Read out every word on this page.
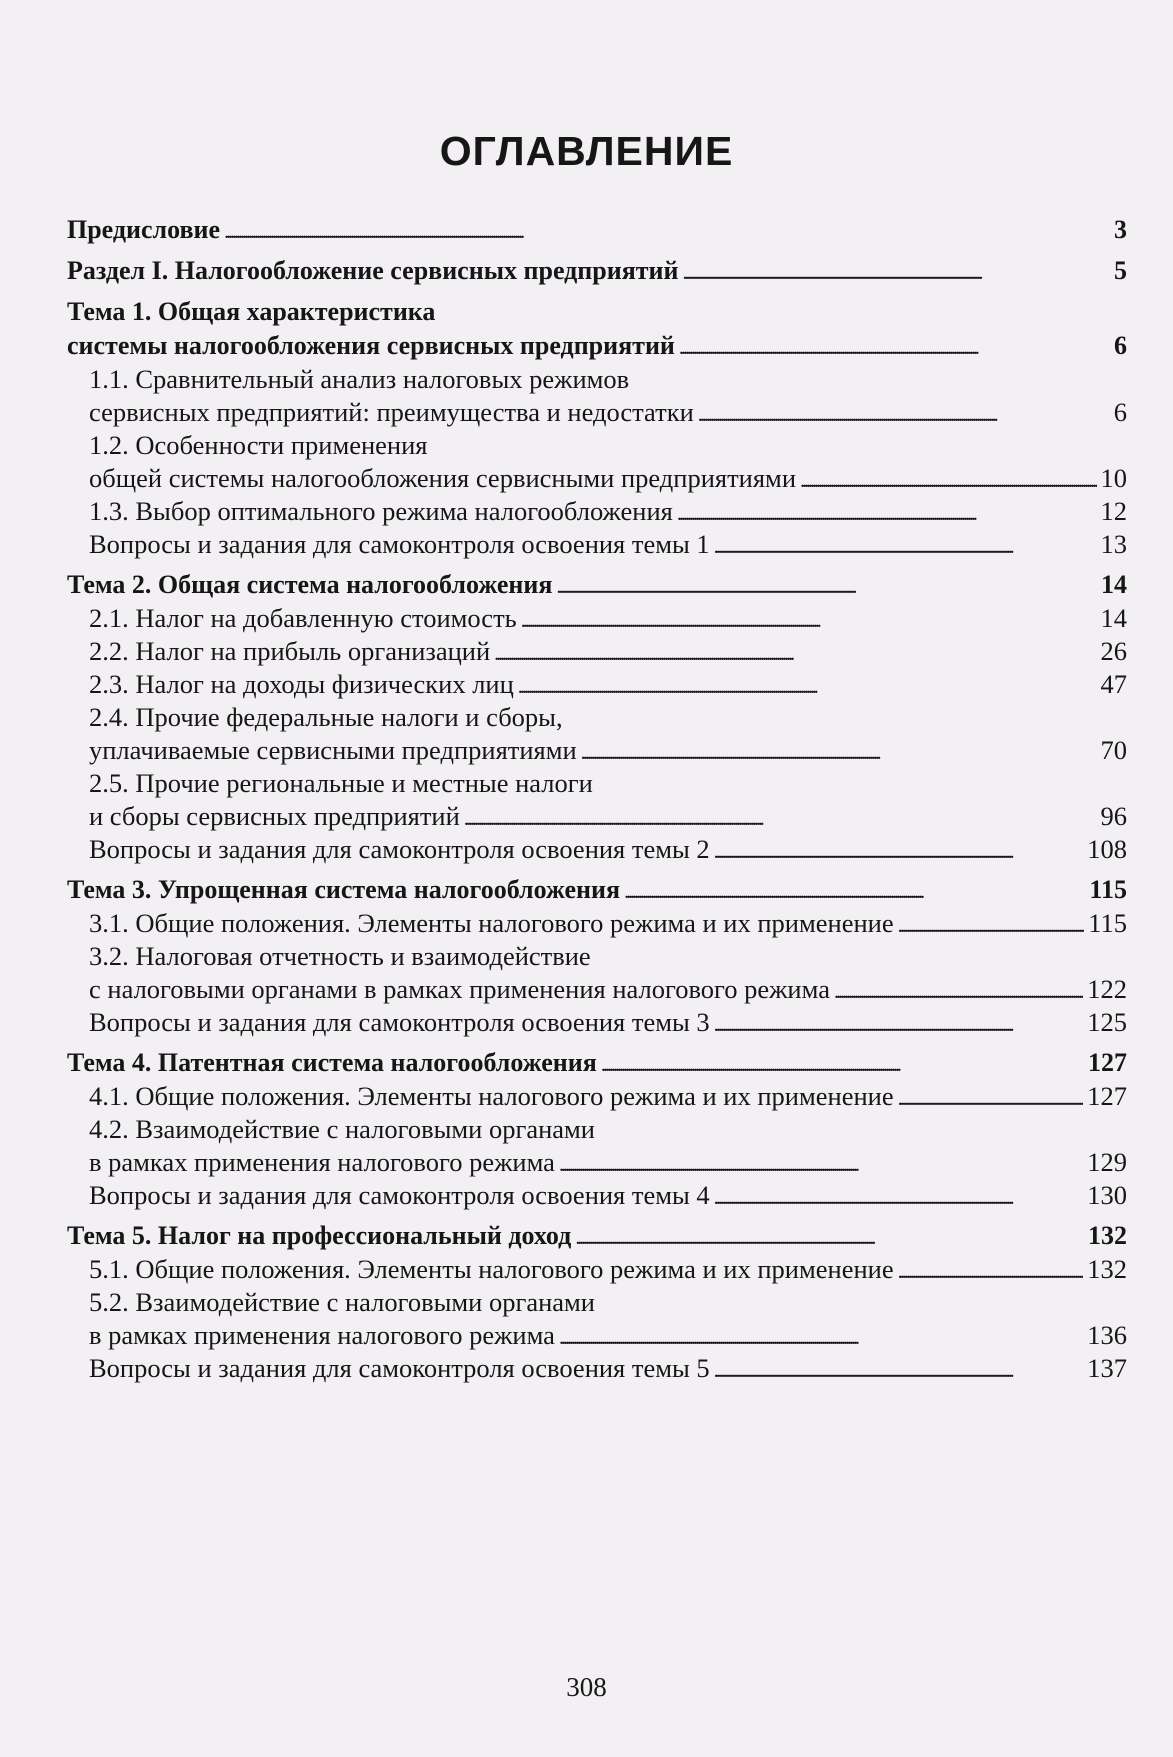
ОГЛАВЛЕНИЕ
Предисловие . . .	3
Раздел I. Налогообложение сервисных предприятий . . .	5
Тема 1. Общая характеристика
системы налогообложения сервисных предприятий . . .	6
1.1. Сравнительный анализ налоговых режимов
сервисных предприятий: преимущества и недостатки . . .	6
1.2. Особенности применения
общей системы налогообложения сервисными предприятиями . . .	10
1.3. Выбор оптимального режима налогообложения . . .	12
Вопросы и задания для самоконтроля освоения темы 1 . . .	13
Тема 2. Общая система налогообложения . . .	14
2.1. Налог на добавленную стоимость . . .	14
2.2. Налог на прибыль организаций . . .	26
2.3. Налог на доходы физических лиц . . .	47
2.4. Прочие федеральные налоги и сборы,
уплачиваемые сервисными предприятиями . . .	70
2.5. Прочие региональные и местные налоги
и сборы сервисных предприятий . . .	96
Вопросы и задания для самоконтроля освоения темы 2 . . .	108
Тема 3. Упрощенная система налогообложения . . .	115
3.1. Общие положения. Элементы налогового режима и их применение . . .	115
3.2. Налоговая отчетность и взаимодействие
с налоговыми органами в рамках применения налогового режима . . .	122
Вопросы и задания для самоконтроля освоения темы 3 . . .	125
Тема 4. Патентная система налогообложения . . .	127
4.1. Общие положения. Элементы налогового режима и их применение . . .	127
4.2. Взаимодействие с налоговыми органами
в рамках применения налогового режима . . .	129
Вопросы и задания для самоконтроля освоения темы 4 . . .	130
Тема 5. Налог на профессиональный доход . . .	132
5.1. Общие положения. Элементы налогового режима и их применение . . .	132
5.2. Взаимодействие с налоговыми органами
в рамках применения налогового режима . . .	136
Вопросы и задания для самоконтроля освоения темы 5 . . .	137
308
